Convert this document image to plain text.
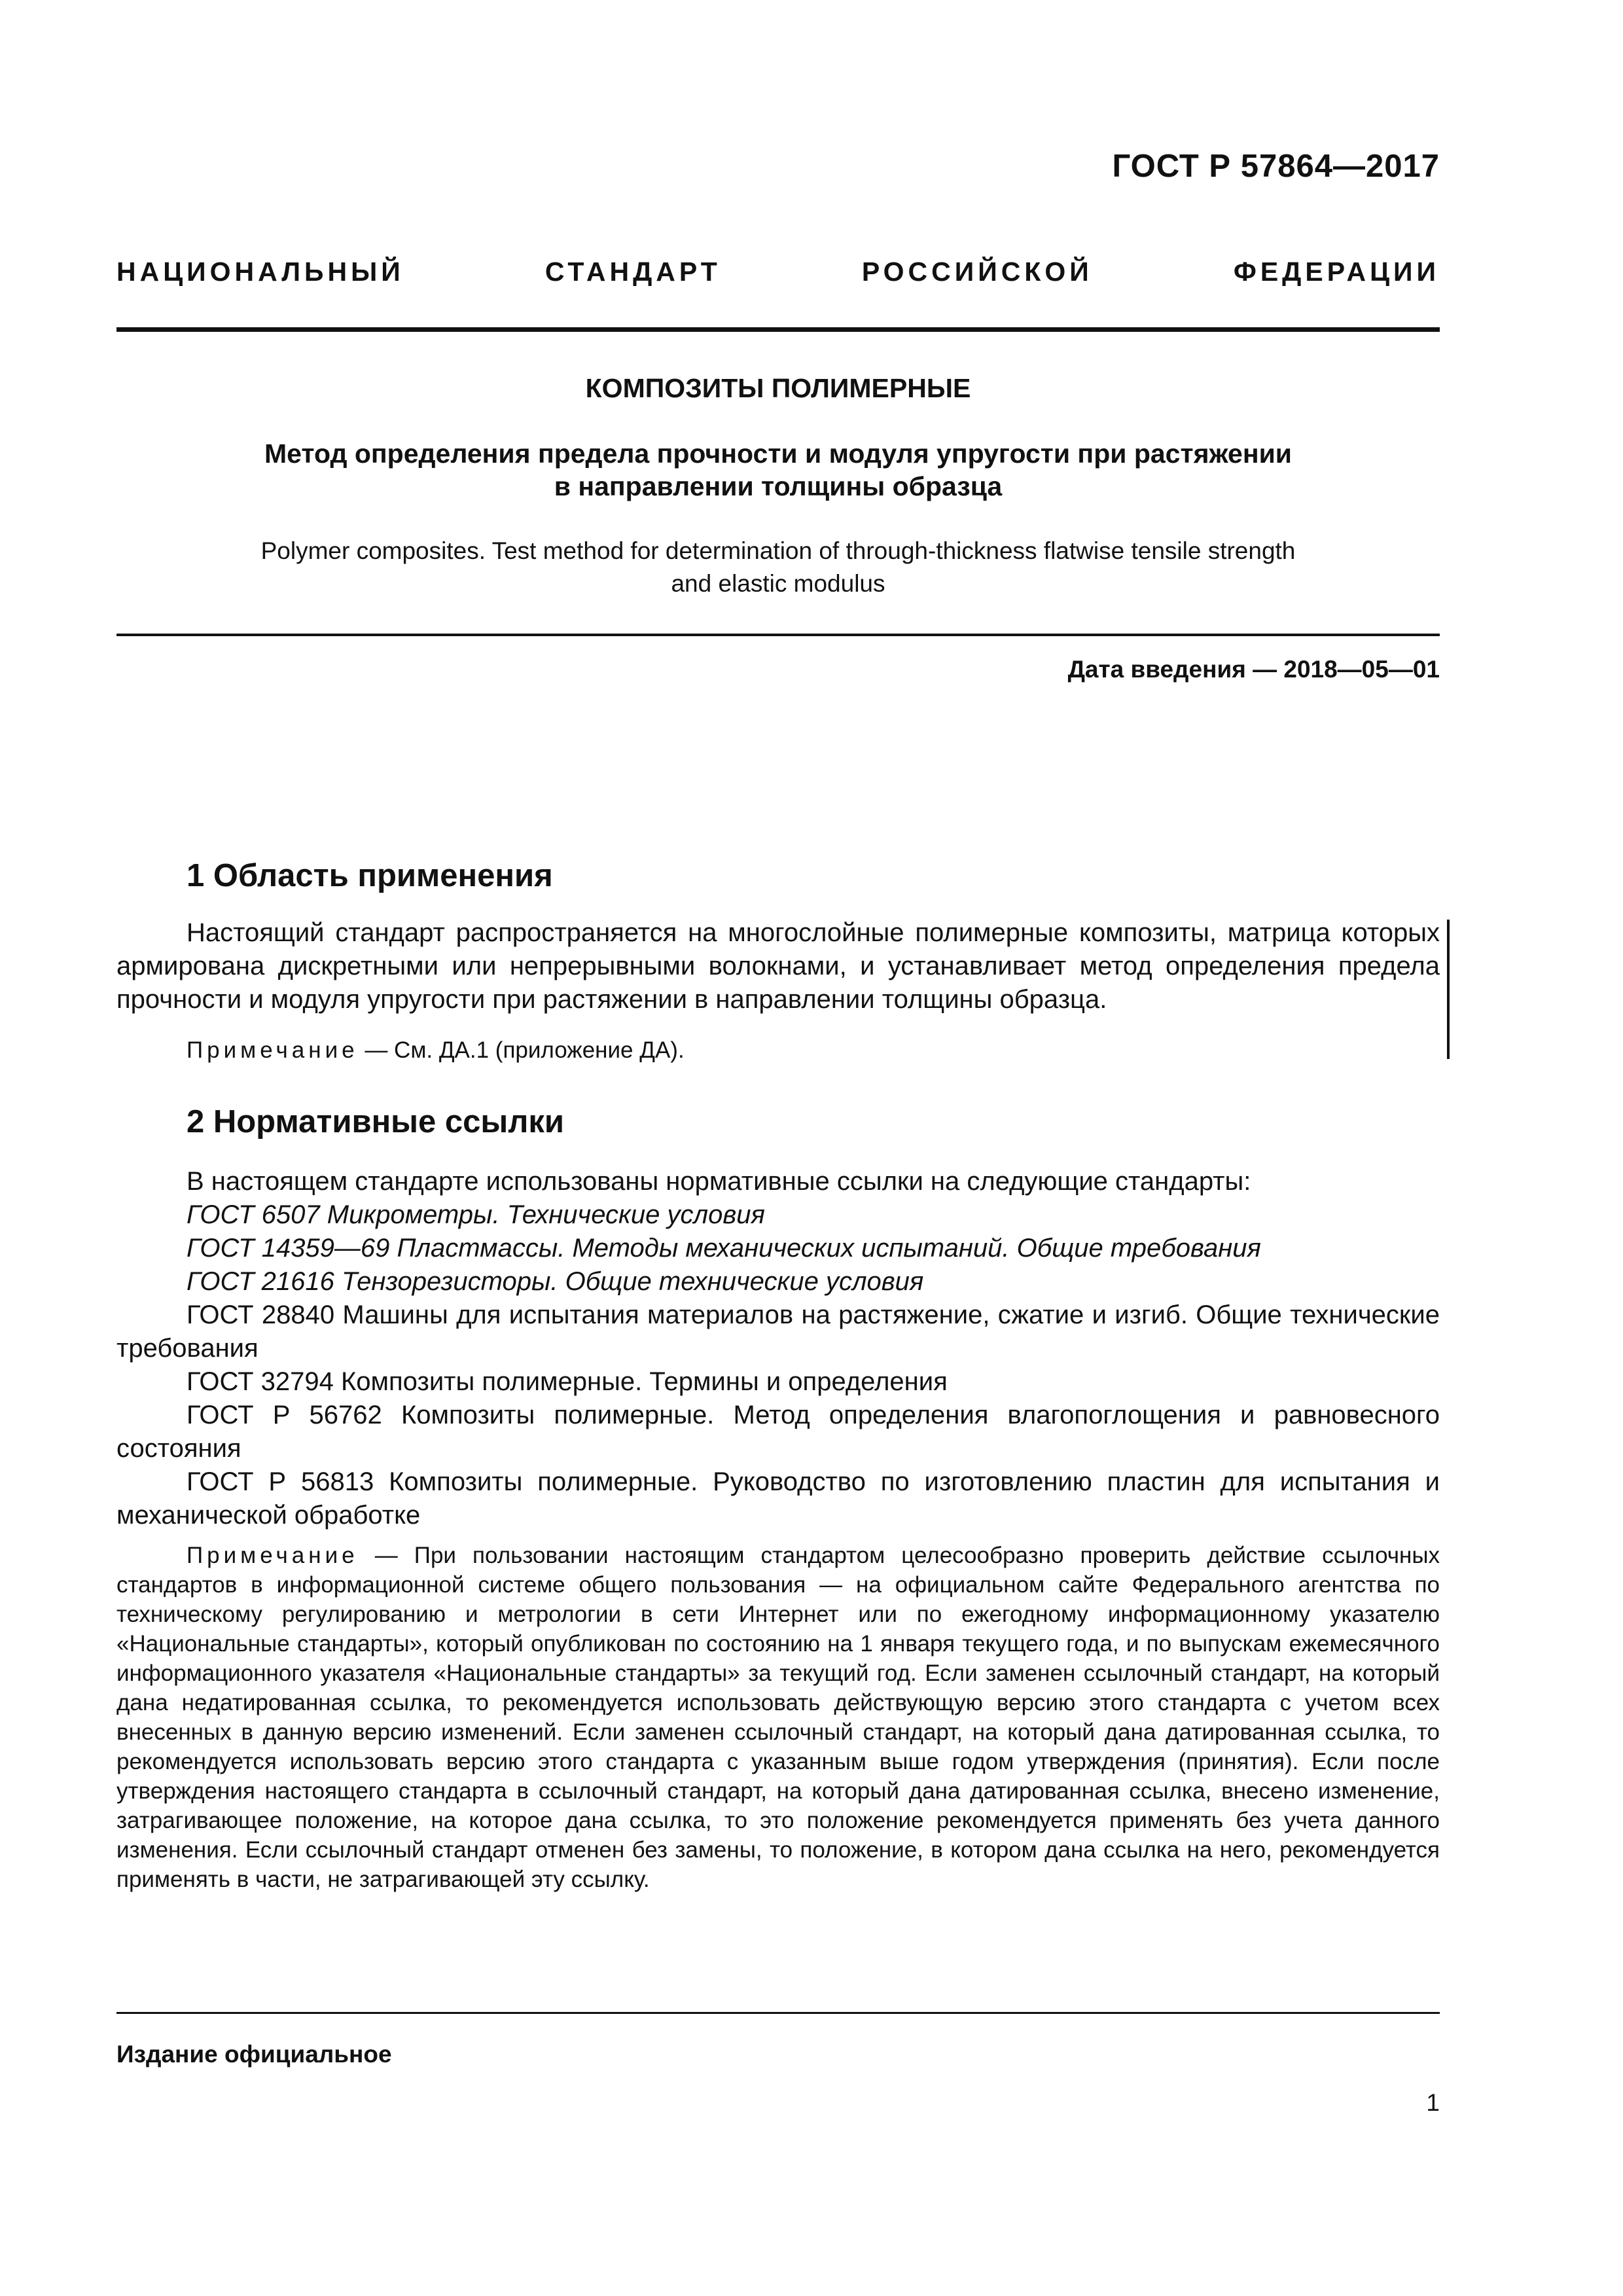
ГОСТ Р 57864—2017
НАЦИОНАЛЬНЫЙ	СТАНДАРТ	РОССИЙСКОЙ	ФЕДЕРАЦИИ
КОМПОЗИТЫ ПОЛИМЕРНЫЕ
Метод определения предела прочности и модуля упругости при растяжении
в направлении толщины образца
Polymer composites. Test method for determination of through-thickness flatwise tensile strength
and elastic modulus
Дата введения — 2018—05—01
1 Область применения

Настоящий стандарт распространяется на многослойные полимерные композиты, матрица которых армирована дискретными или непрерывными волокнами, и устанавливает метод определения предела прочности и модуля упругости при растяжении в направлении толщины образца.

Примечание — См. ДА.1 (приложение ДА).

2 Нормативные ссылки

В настоящем стандарте использованы нормативные ссылки на следующие стандарты:

ГОСТ 6507 Микрометры. Технические условия

ГОСТ 14359—69 Пластмассы. Методы механических испытаний. Общие требования

ГОСТ 21616 Тензорезисторы. Общие технические условия

ГОСТ 28840 Машины для испытания материалов на растяжение, сжатие и изгиб. Общие технические требования

ГОСТ 32794 Композиты полимерные. Термины и определения

ГОСТ Р 56762 Композиты полимерные. Метод определения влагопоглощения и равновесного состояния

ГОСТ Р 56813 Композиты полимерные. Руководство по изготовлению пластин для испытания и механической обработке

Примечание — При пользовании настоящим стандартом целесообразно проверить действие ссылочных стандартов в информационной системе общего пользования — на официальном сайте Федерального агентства по техническому регулированию и метрологии в сети Интернет или по ежегодному информационному указателю «Национальные стандарты», который опубликован по состоянию на 1 января текущего года, и по выпускам ежемесячного информационного указателя «Национальные стандарты» за текущий год. Если заменен ссылочный стандарт, на который дана недатированная ссылка, то рекомендуется использовать действующую версию этого стандарта с учетом всех внесенных в данную версию изменений. Если заменен ссылочный стандарт, на который дана датированная ссылка, то рекомендуется использовать версию этого стандарта с указанным выше годом утверждения (принятия). Если после утверждения настоящего стандарта в ссылочный стандарт, на который дана датированная ссылка, внесено изменение, затрагивающее положение, на которое дана ссылка, то это положение рекомендуется применять без учета данного изменения. Если ссылочный стандарт отменен без замены, то положение, в котором дана ссылка на него, рекомендуется применять в части, не затрагивающей эту ссылку.

Издание официальное
1
